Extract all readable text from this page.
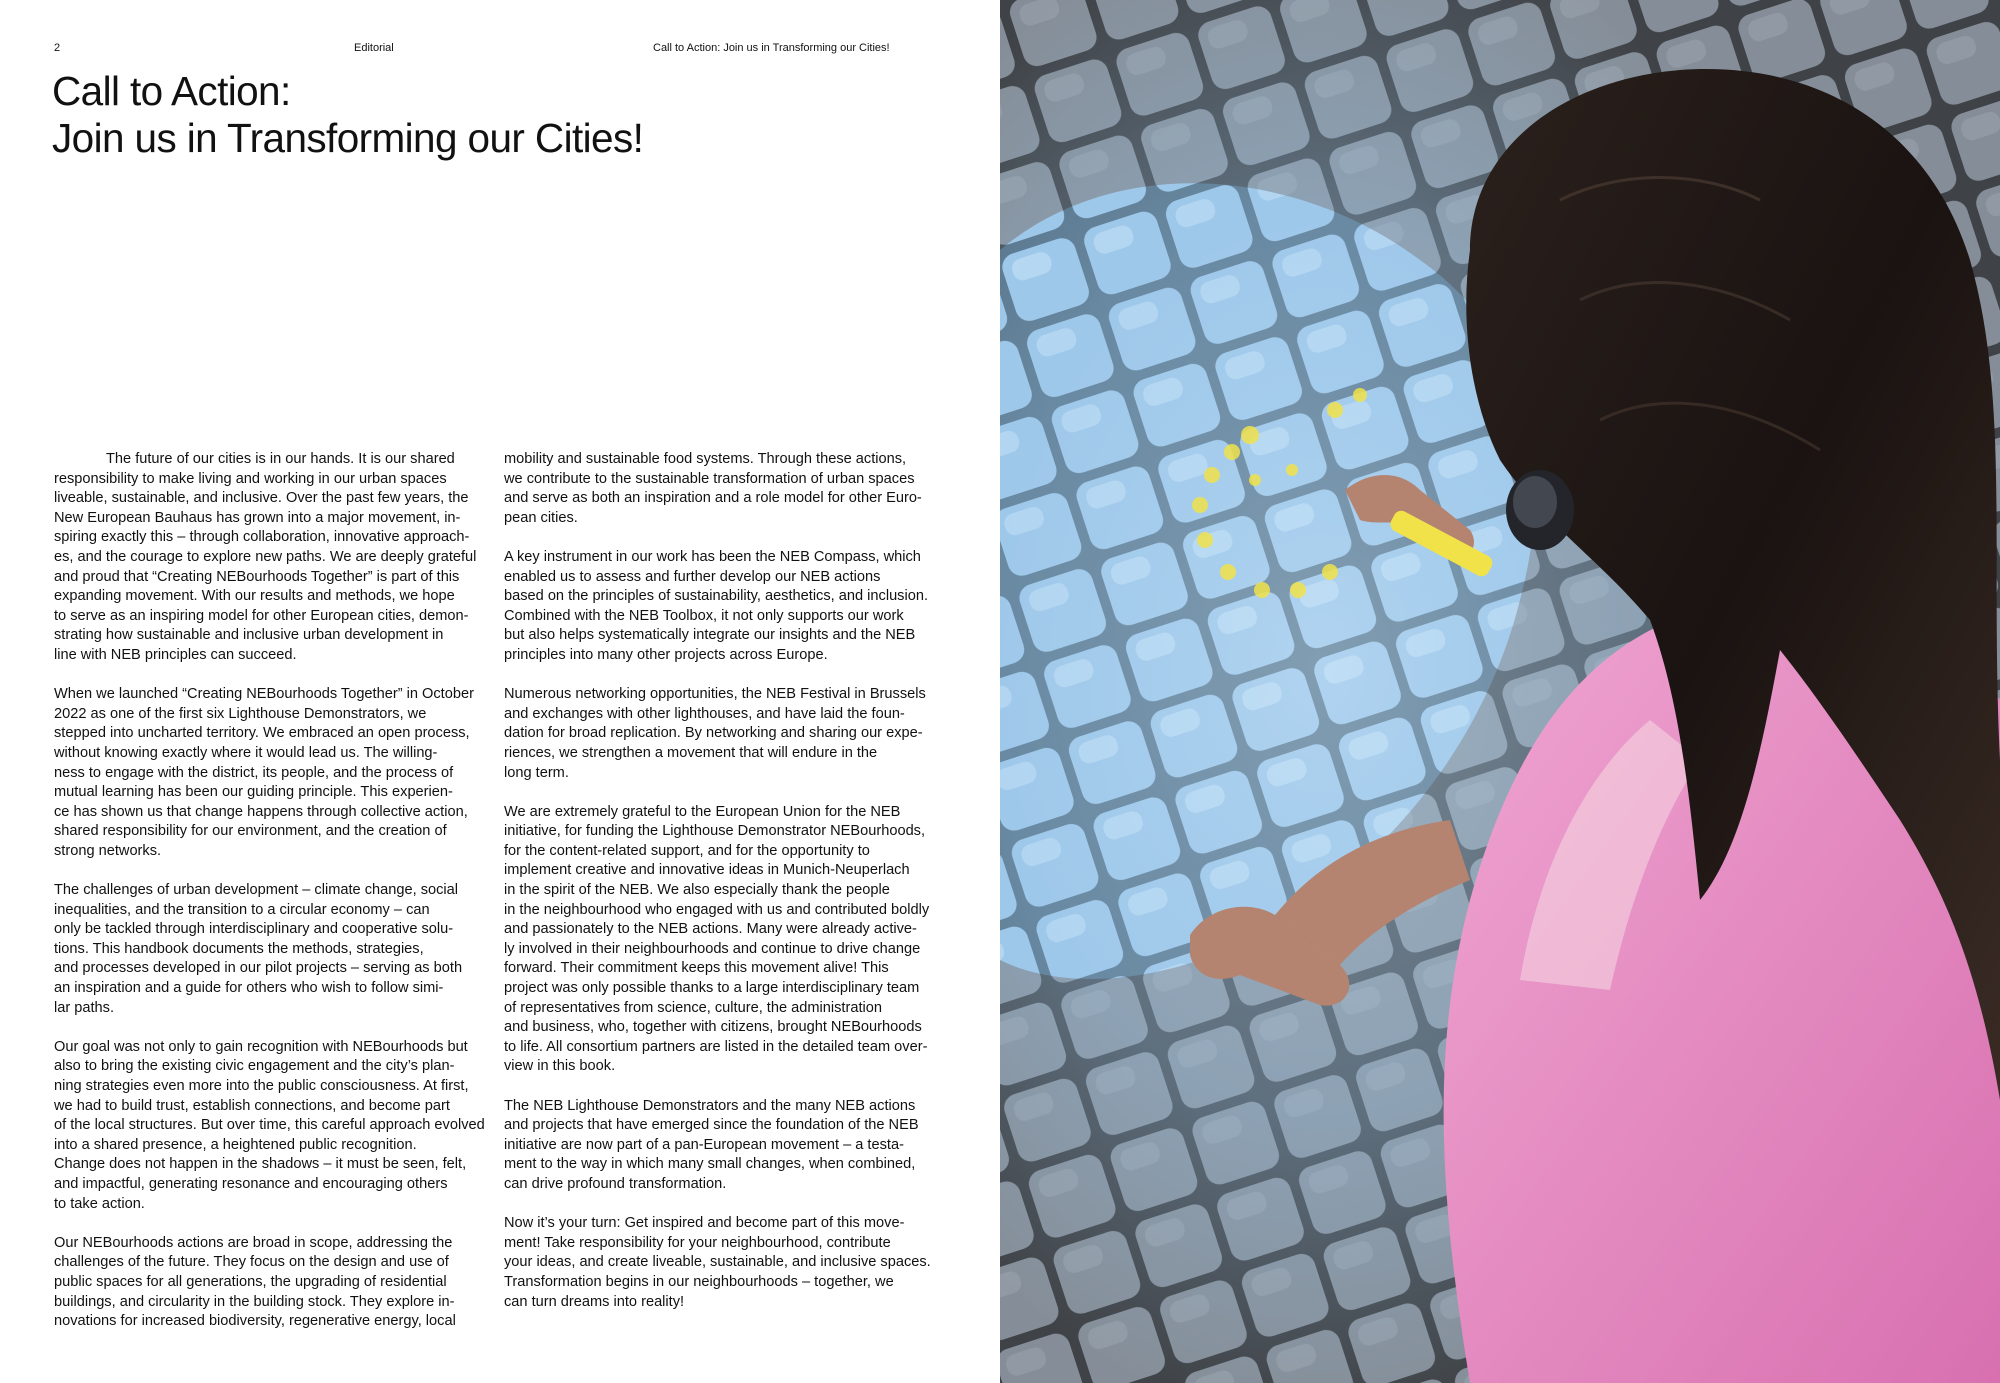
2	Editorial	Call to Action: Join us in Transforming our Cities!
Call to Action:
Join us in Transforming our Cities!

The future of our cities is in our hands. It is our shared
responsibility to make living and working in our urban spaces
liveable, sustainable, and inclusive. Over the past few years, the
New European Bauhaus has grown into a major movement, in-
spiring exactly this – through collaboration, innovative approach-
es, and the courage to explore new paths. We are deeply grateful
and proud that “Creating NEBourhoods Together” is part of this
expanding movement. With our results and methods, we hope
to serve as an inspiring model for other European cities, demon-
strating how sustainable and inclusive urban development in
line with NEB principles can succeed.

When we launched “Creating NEBourhoods Together” in October
2022 as one of the first six Lighthouse Demonstrators, we
stepped into uncharted territory. We embraced an open process,
without knowing exactly where it would lead us. The willing-
ness to engage with the district, its people, and the process of
mutual learning has been our guiding principle. This experien-
ce has shown us that change happens through collective action,
shared responsibility for our environment, and the creation of
strong networks.

The challenges of urban development – climate change, social
inequalities, and the transition to a circular economy – can
only be tackled through interdisciplinary and cooperative solu-
tions. This handbook documents the methods, strategies,
and processes developed in our pilot projects – serving as both
an inspiration and a guide for others who wish to follow simi-
lar paths.

Our goal was not only to gain recognition with NEBourhoods but
also to bring the existing civic engagement and the city’s plan-
ning strategies even more into the public consciousness. At first,
we had to build trust, establish connections, and become part
of the local structures. But over time, this careful approach evolved
into a shared presence, a heightened public recognition.
Change does not happen in the shadows – it must be seen, felt,
and impactful, generating resonance and encouraging others
to take action.

Our NEBourhoods actions are broad in scope, addressing the
challenges of the future. They focus on the design and use of
public spaces for all generations, the upgrading of residential
buildings, and circularity in the building stock. They explore in-
novations for increased biodiversity, regenerative energy, local

mobility and sustainable food systems. Through these actions,
we contribute to the sustainable transformation of urban spaces
and serve as both an inspiration and a role model for other Euro-
pean cities.

A key instrument in our work has been the NEB Compass, which
enabled us to assess and further develop our NEB actions
based on the principles of sustainability, aesthetics, and inclusion.
Combined with the NEB Toolbox, it not only supports our work
but also helps systematically integrate our insights and the NEB
principles into many other projects across Europe.

Numerous networking opportunities, the NEB Festival in Brussels
and exchanges with other lighthouses, and have laid the foun-
dation for broad replication. By networking and sharing our expe-
riences, we strengthen a movement that will endure in the
long term.

We are extremely grateful to the European Union for the NEB
initiative, for funding the Lighthouse Demonstrator NEBourhoods,
for the content-related support, and for the opportunity to
implement creative and innovative ideas in Munich-Neuperlach
in the spirit of the NEB. We also especially thank the people
in the neighbourhood who engaged with us and contributed boldly
and passionately to the NEB actions. Many were already active-
ly involved in their neighbourhoods and continue to drive change
forward. Their commitment keeps this movement alive! This
project was only possible thanks to a large interdisciplinary team
of representatives from science, culture, the administration
and business, who, together with citizens, brought NEBourhoods
to life. All consortium partners are listed in the detailed team over-
view in this book.

The NEB Lighthouse Demonstrators and the many NEB actions
and projects that have emerged since the foundation of the NEB
initiative are now part of a pan-European movement – a testa-
ment to the way in which many small changes, when combined,
can drive profound transformation.

Now it’s your turn: Get inspired and become part of this move-
ment! Take responsibility for your neighbourhood, contribute
your ideas, and create liveable, sustainable, and inclusive spaces.
Transformation begins in our neighbourhoods – together, we
can turn dreams into reality!
